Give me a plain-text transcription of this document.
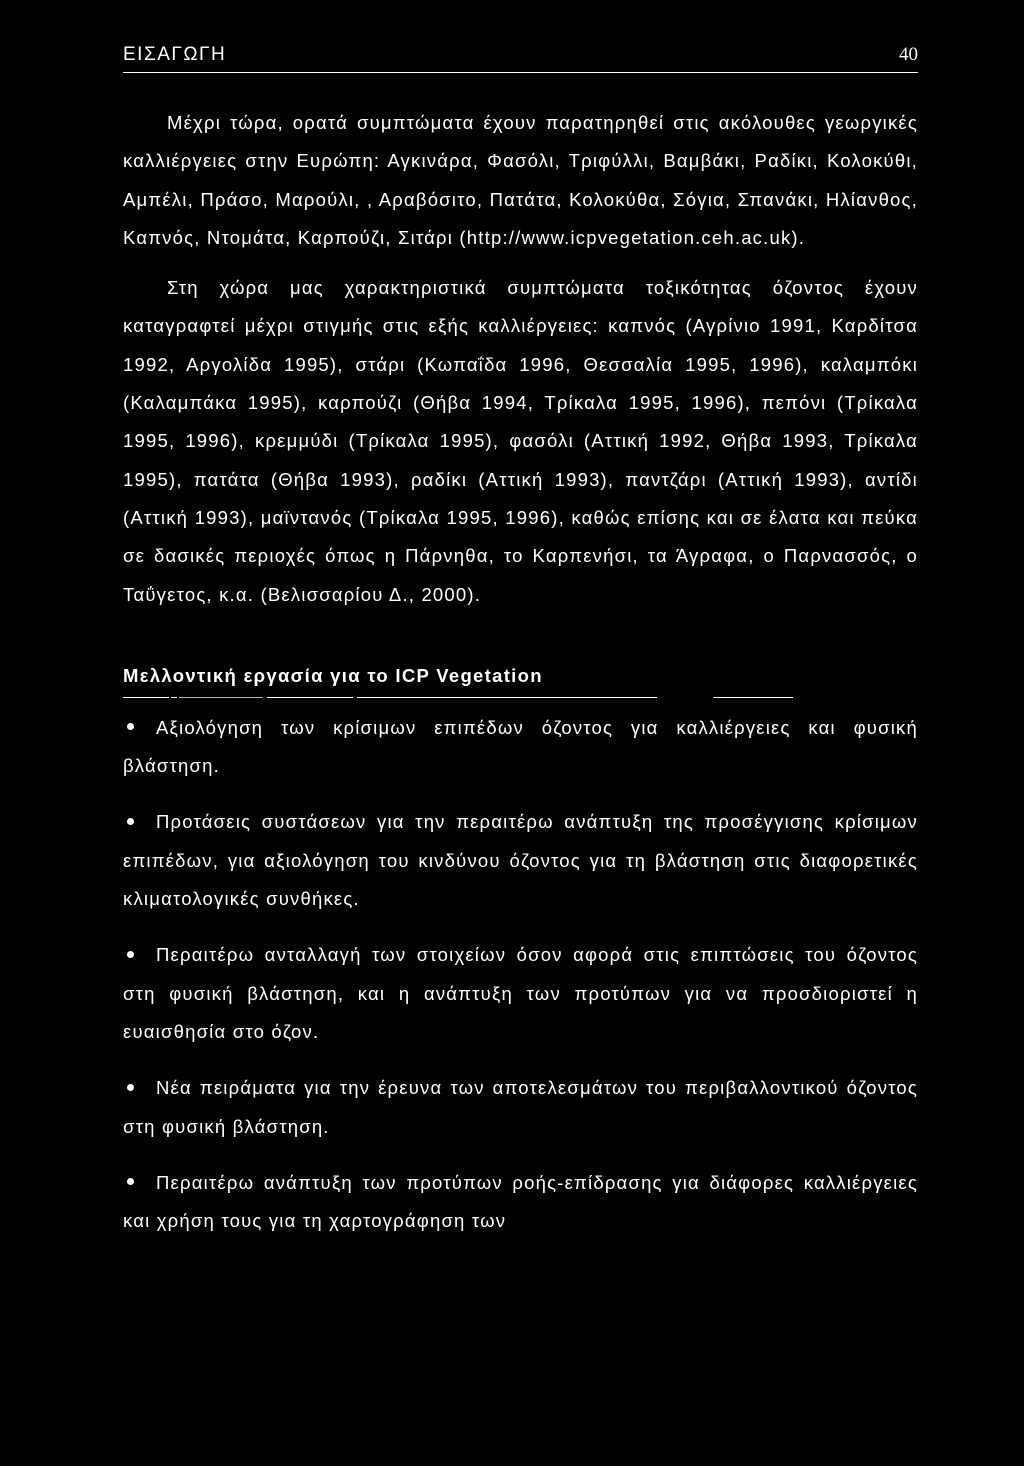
ΕΙΣΑΓΩΓΗ	40

Μέχρι τώρα, ορατά συμπτώματα έχουν παρατηρηθεί στις ακόλουθες γεωργικές καλλιέργειες στην Ευρώπη: Αγκινάρα, Φασόλι, Τριφύλλι, Βαμβάκι, Ραδίκι, Κολοκύθι, Αμπέλι, Πράσο, Μαρούλι, , Αραβόσιτο, Πατάτα, Κολοκύθα, Σόγια, Σπανάκι, Ηλίανθος, Καπνός, Ντομάτα, Καρπούζι, Σιτάρι (http://www.icpvegetation.ceh.ac.uk).

Στη χώρα μας χαρακτηριστικά συμπτώματα τοξικότητας όζοντος έχουν καταγραφτεί μέχρι στιγμής στις εξής καλλιέργειες: καπνός (Αγρίνιο 1991, Καρδίτσα 1992, Αργολίδα 1995), στάρι (Κωπαΐδα 1996, Θεσσαλία 1995, 1996), καλαμπόκι (Καλαμπάκα 1995), καρπούζι (Θήβα 1994, Τρίκαλα 1995, 1996), πεπόνι (Τρίκαλα 1995, 1996), κρεμμύδι (Τρίκαλα 1995), φασόλι (Αττική 1992, Θήβα 1993, Τρίκαλα 1995), πατάτα (Θήβα 1993), ραδίκι (Αττική 1993), παντζάρι (Αττική 1993), αντίδι (Αττική 1993), μαϊντανός (Τρίκαλα 1995, 1996), καθώς επίσης και σε έλατα και πεύκα σε δασικές περιοχές όπως η Πάρνηθα, το Καρπενήσι, τα Άγραφα, ο Παρνασσός, ο Ταΰγετος, κ.α. (Βελισσαρίου Δ., 2000).

Μελλοντική εργασία για το ICP Vegetation

Αξιολόγηση των κρίσιμων επιπέδων όζοντος για καλλιέργειες και φυσική βλάστηση.

Προτάσεις συστάσεων για την περαιτέρω ανάπτυξη της προσέγγισης κρίσιμων επιπέδων, για αξιολόγηση του κινδύνου όζοντος για τη βλάστηση στις διαφορετικές κλιματολογικές συνθήκες.

Περαιτέρω ανταλλαγή των στοιχείων όσον αφορά στις επιπτώσεις του όζοντος στη φυσική βλάστηση, και η ανάπτυξη των προτύπων για να προσδιοριστεί η ευαισθησία στο όζον.

Νέα πειράματα για την έρευνα των αποτελεσμάτων του περιβαλλοντικού όζοντος στη φυσική βλάστηση.

Περαιτέρω ανάπτυξη των προτύπων ροής-επίδρασης για διάφορες καλλιέργειες και χρήση τους για τη χαρτογράφηση των
